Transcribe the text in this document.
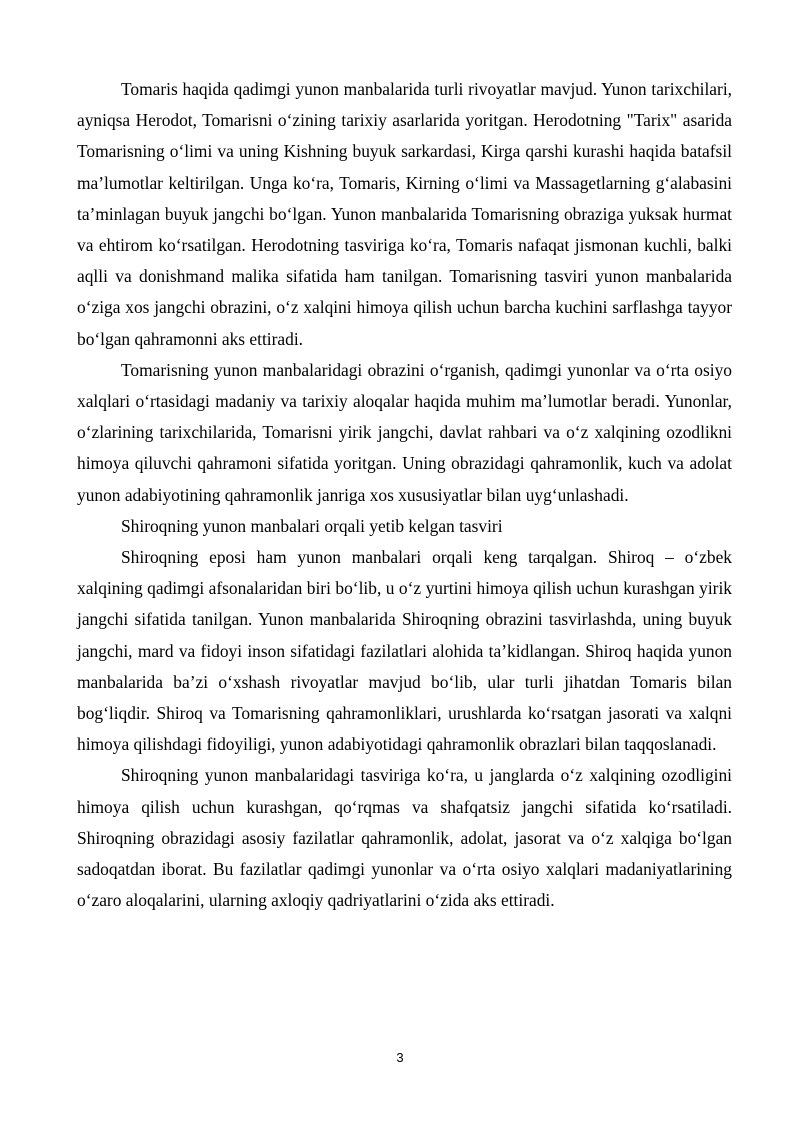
Tomaris haqida qadimgi yunon manbalarida turli rivoyatlar mavjud. Yunon tarixchilari, ayniqsa Herodot, Tomarisni o‘zining tarixiy asarlarida yoritgan. Herodotning "Tarix" asarida Tomarisning o‘limi va uning Kishning buyuk sarkardasi, Kirga qarshi kurashi haqida batafsil ma’lumotlar keltirilgan. Unga ko‘ra, Tomaris, Kirning o‘limi va Massagetlarning g‘alabasini ta’minlagan buyuk jangchi bo‘lgan. Yunon manbalarida Tomarisning obraziga yuksak hurmat va ehtirom ko‘rsatilgan. Herodotning tasviriga ko‘ra, Tomaris nafaqat jismonan kuchli, balki aqlli va donishmand malika sifatida ham tanilgan. Tomarisning tasviri yunon manbalarida o‘ziga xos jangchi obrazini, o‘z xalqini himoya qilish uchun barcha kuchini sarflashga tayyor bo‘lgan qahramonni aks ettiradi.

Tomarisning yunon manbalaridagi obrazini o‘rganish, qadimgi yunonlar va o‘rta osiyo xalqlari o‘rtasidagi madaniy va tarixiy aloqalar haqida muhim ma’lumotlar beradi. Yunonlar, o‘zlarining tarixchilarida, Tomarisni yirik jangchi, davlat rahbari va o‘z xalqining ozodlikni himoya qiluvchi qahramoni sifatida yoritgan. Uning obrazidagi qahramonlik, kuch va adolat yunon adabiyotining qahramonlik janriga xos xususiyatlar bilan uyg‘unlashadi.

Shiroqning yunon manbalari orqali yetib kelgan tasviri

Shiroqning eposi ham yunon manbalari orqali keng tarqalgan. Shiroq – o‘zbek xalqining qadimgi afsonalaridan biri bo‘lib, u o‘z yurtini himoya qilish uchun kurashgan yirik jangchi sifatida tanilgan. Yunon manbalarida Shiroqning obrazini tasvirlashda, uning buyuk jangchi, mard va fidoyi inson sifatidagi fazilatlari alohida ta’kidlangan. Shiroq haqida yunon manbalarida ba’zi o‘xshash rivoyatlar mavjud bo‘lib, ular turli jihatdan Tomaris bilan bog‘liqdir. Shiroq va Tomarisning qahramonliklari, urushlarda ko‘rsatgan jasorati va xalqni himoya qilishdagi fidoyiligi, yunon adabiyotidagi qahramonlik obrazlari bilan taqqoslanadi.

Shiroqning yunon manbalaridagi tasviriga ko‘ra, u janglarda o‘z xalqining ozodligini himoya qilish uchun kurashgan, qo‘rqmas va shafqatsiz jangchi sifatida ko‘rsatiladi. Shiroqning obrazidagi asosiy fazilatlar qahramonlik, adolat, jasorat va o‘z xalqiga bo‘lgan sadoqatdan iborat. Bu fazilatlar qadimgi yunonlar va o‘rta osiyo xalqlari madaniyatlarining o‘zaro aloqalarini, ularning axloqiy qadriyatlarini o‘zida aks ettiradi.

3
